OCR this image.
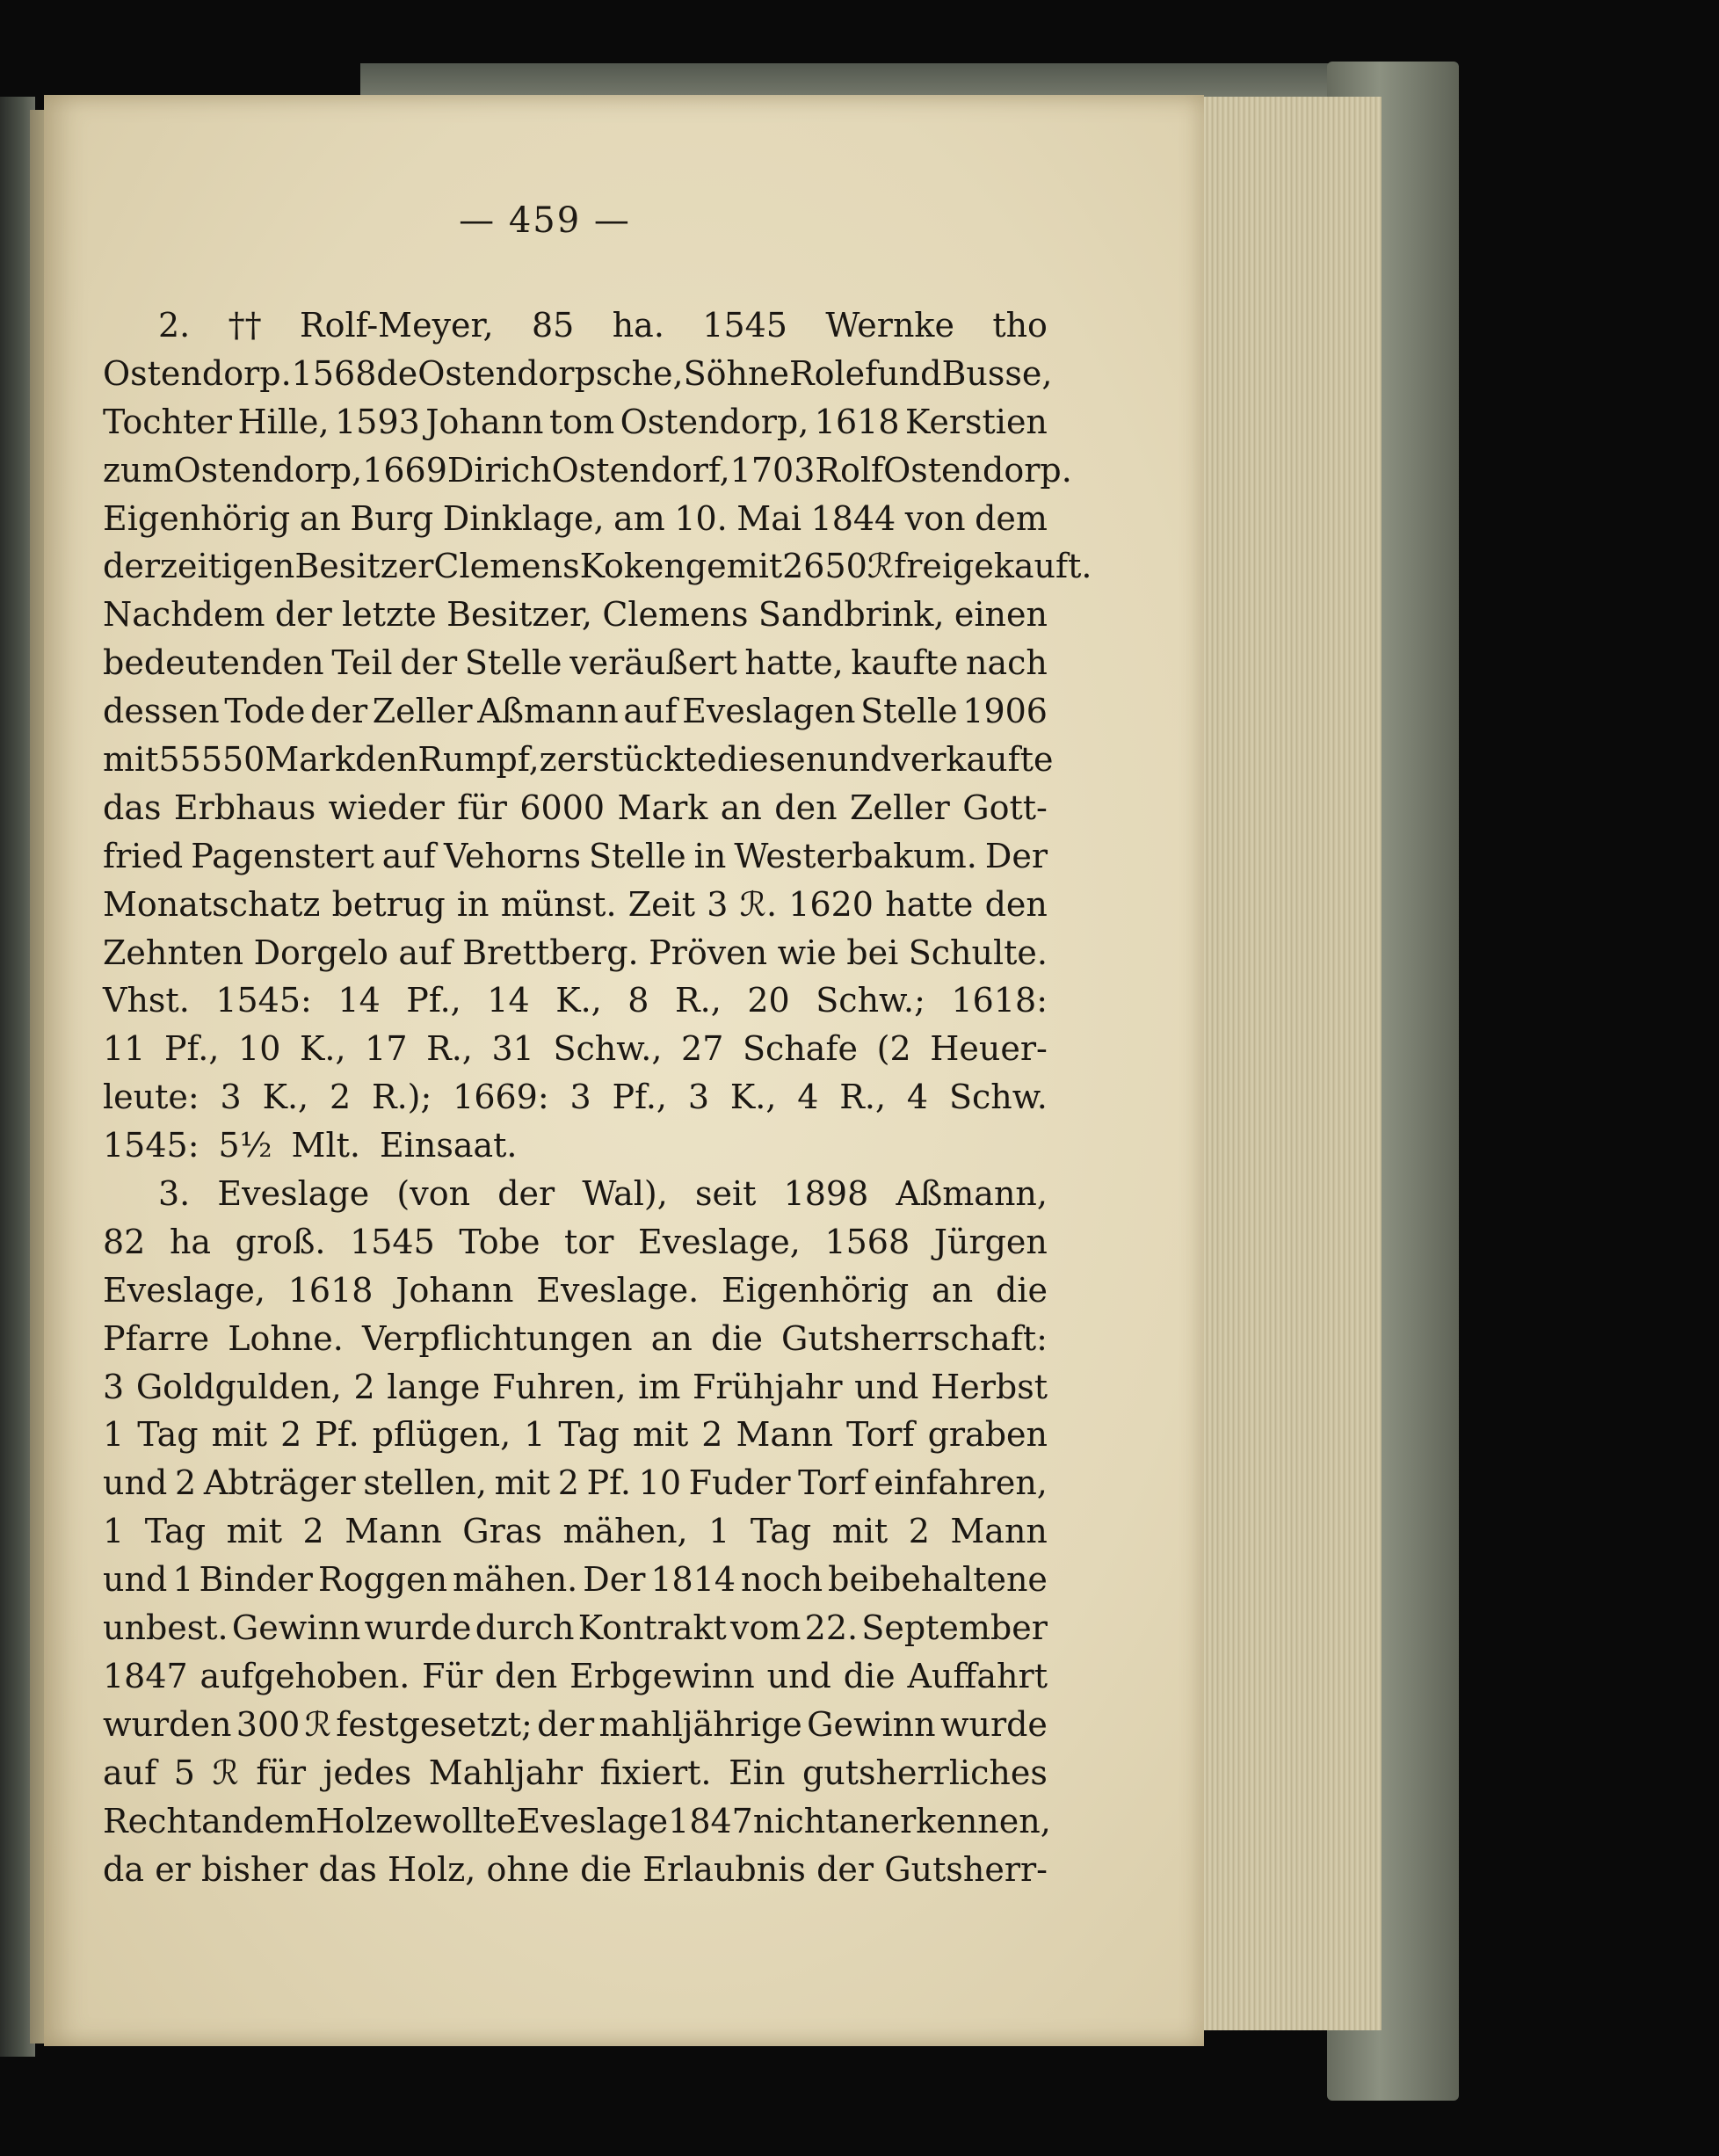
— 459 —
2. †† Rolf-Meyer, 85 ha. 1545 Wernke tho
Ostendorp. 1568 de Ostendorpsche, Söhne Rolef und Busse,
Tochter Hille, 1593 Johann tom Ostendorp, 1618 Kerstien
zum Ostendorp, 1669 Dirich Ostendorf, 1703 Rolf Ostendorp.
Eigenhörig an Burg Dinklage, am 10. Mai 1844 von dem
derzeitigen Besitzer Clemens Kokenge mit 2650 ℛ freigekauft.
Nachdem der letzte Besitzer, Clemens Sandbrink, einen
bedeutenden Teil der Stelle veräußert hatte, kaufte nach
dessen Tode der Zeller Aßmann auf Eveslagen Stelle 1906
mit 55 550 Mark den Rumpf, zerstückte diesen und verkaufte
das Erbhaus wieder für 6000 Mark an den Zeller Gott-
fried Pagenstert auf Vehorns Stelle in Westerbakum. Der
Monatschatz betrug in münst. Zeit 3 ℛ. 1620 hatte den
Zehnten Dorgelo auf Brettberg. Pröven wie bei Schulte.
Vhst. 1545: 14 Pf., 14 K., 8 R., 20 Schw.; 1618:
11 Pf., 10 K., 17 R., 31 Schw., 27 Schafe (2 Heuer-
leute: 3 K., 2 R.); 1669: 3 Pf., 3 K., 4 R., 4 Schw.
1545: 5½ Mlt. Einsaat.
3. Eveslage (von der Wal), seit 1898 Aßmann,
82 ha groß. 1545 Tobe tor Eveslage, 1568 Jürgen
Eveslage, 1618 Johann Eveslage. Eigenhörig an die
Pfarre Lohne. Verpflichtungen an die Gutsherrschaft:
3 Goldgulden, 2 lange Fuhren, im Frühjahr und Herbst
1 Tag mit 2 Pf. pflügen, 1 Tag mit 2 Mann Torf graben
und 2 Abträger stellen, mit 2 Pf. 10 Fuder Torf einfahren,
1 Tag mit 2 Mann Gras mähen, 1 Tag mit 2 Mann
und 1 Binder Roggen mähen. Der 1814 noch beibehaltene
unbest. Gewinn wurde durch Kontrakt vom 22. September
1847 aufgehoben. Für den Erbgewinn und die Auffahrt
wurden 300 ℛ festgesetzt; der mahljährige Gewinn wurde
auf 5 ℛ für jedes Mahljahr fixiert. Ein gutsherrliches
Recht an dem Holze wollte Eveslage 1847 nicht anerkennen,
da er bisher das Holz, ohne die Erlaubnis der Gutsherr-
